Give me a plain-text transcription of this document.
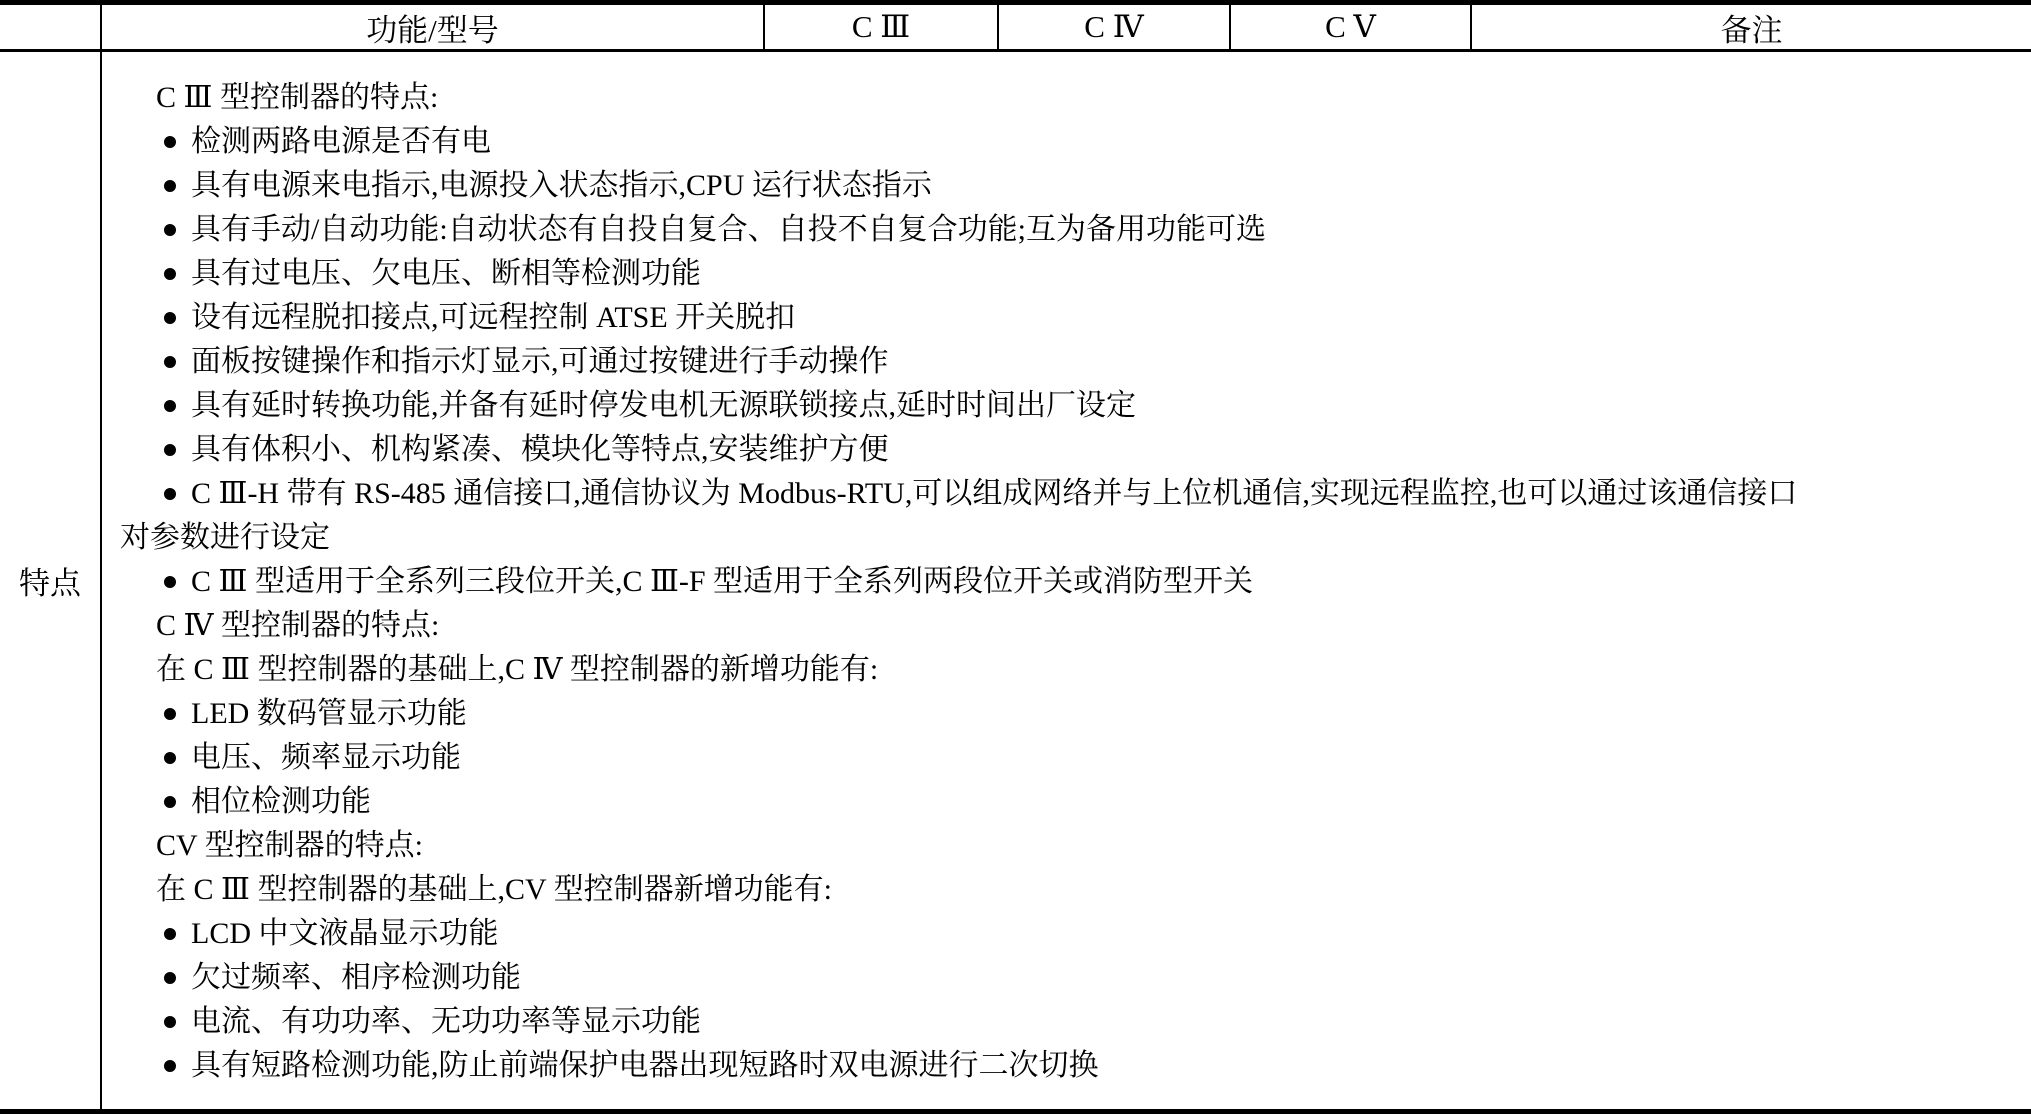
功能/型号	C Ⅲ	C Ⅳ	C Ⅴ	备注
特点
C Ⅲ 型控制器的特点:
检测两路电源是否有电
具有电源来电指示,电源投入状态指示,CPU 运行状态指示
具有手动/自动功能:自动状态有自投自复合、自投不自复合功能;互为备用功能可选
具有过电压、欠电压、断相等检测功能
设有远程脱扣接点,可远程控制 ATSE 开关脱扣
面板按键操作和指示灯显示,可通过按键进行手动操作
具有延时转换功能,并备有延时停发电机无源联锁接点,延时时间出厂设定
具有体积小、机构紧凑、模块化等特点,安装维护方便
C Ⅲ-H 带有 RS-485 通信接口,通信协议为 Modbus-RTU,可以组成网络并与上位机通信,实现远程监控,也可以通过该通信接口
对参数进行设定
C Ⅲ 型适用于全系列三段位开关,C Ⅲ-F 型适用于全系列两段位开关或消防型开关
C Ⅳ 型控制器的特点:
在 C Ⅲ 型控制器的基础上,C Ⅳ 型控制器的新增功能有:
LED 数码管显示功能
电压、频率显示功能
相位检测功能
CV 型控制器的特点:
在 C Ⅲ 型控制器的基础上,CV 型控制器新增功能有:
LCD 中文液晶显示功能
欠过频率、相序检测功能
电流、有功功率、无功功率等显示功能
具有短路检测功能,防止前端保护电器出现短路时双电源进行二次切换
